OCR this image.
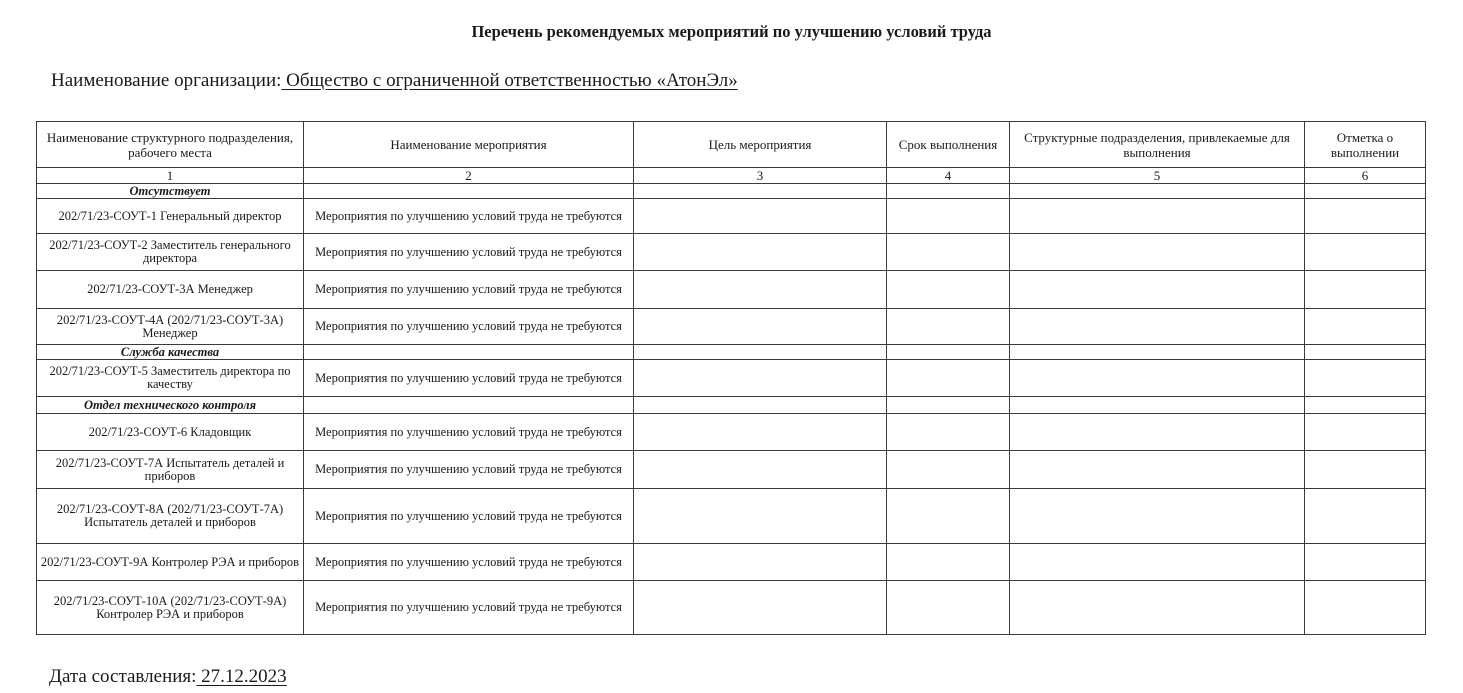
Перечень рекомендуемых мероприятий по улучшению условий труда
Наименование организации: Общество с ограниченной ответственностью «АтонЭл»
Наименование структурного подразделения, рабочего места	Наименование мероприятия	Цель мероприятия	Срок выполнения	Структурные подразделения, привлекаемые для выполнения	Отметка о выполнении
1	2	3	4	5	6
Отсутствует					
202/71/23-СОУТ-1 Генеральный директор	Мероприятия по улучшению условий труда не требуются				
202/71/23-СОУТ-2 Заместитель генерального директора	Мероприятия по улучшению условий труда не требуются				
202/71/23-СОУТ-3А Менеджер	Мероприятия по улучшению условий труда не требуются				
202/71/23-СОУТ-4А (202/71/23-СОУТ-3А) Менеджер	Мероприятия по улучшению условий труда не требуются				
Служба качества					
202/71/23-СОУТ-5 Заместитель директора по качеству	Мероприятия по улучшению условий труда не требуются				
Отдел технического контроля					
202/71/23-СОУТ-6 Кладовщик	Мероприятия по улучшению условий труда не требуются				
202/71/23-СОУТ-7А Испытатель деталей и приборов	Мероприятия по улучшению условий труда не требуются				
202/71/23-СОУТ-8А (202/71/23-СОУТ-7А) Испытатель деталей и приборов	Мероприятия по улучшению условий труда не требуются				
202/71/23-СОУТ-9А Контролер РЭА и приборов	Мероприятия по улучшению условий труда не требуются				
202/71/23-СОУТ-10А (202/71/23-СОУТ-9А) Контролер РЭА и приборов	Мероприятия по улучшению условий труда не требуются				
Дата составления: 27.12.2023
